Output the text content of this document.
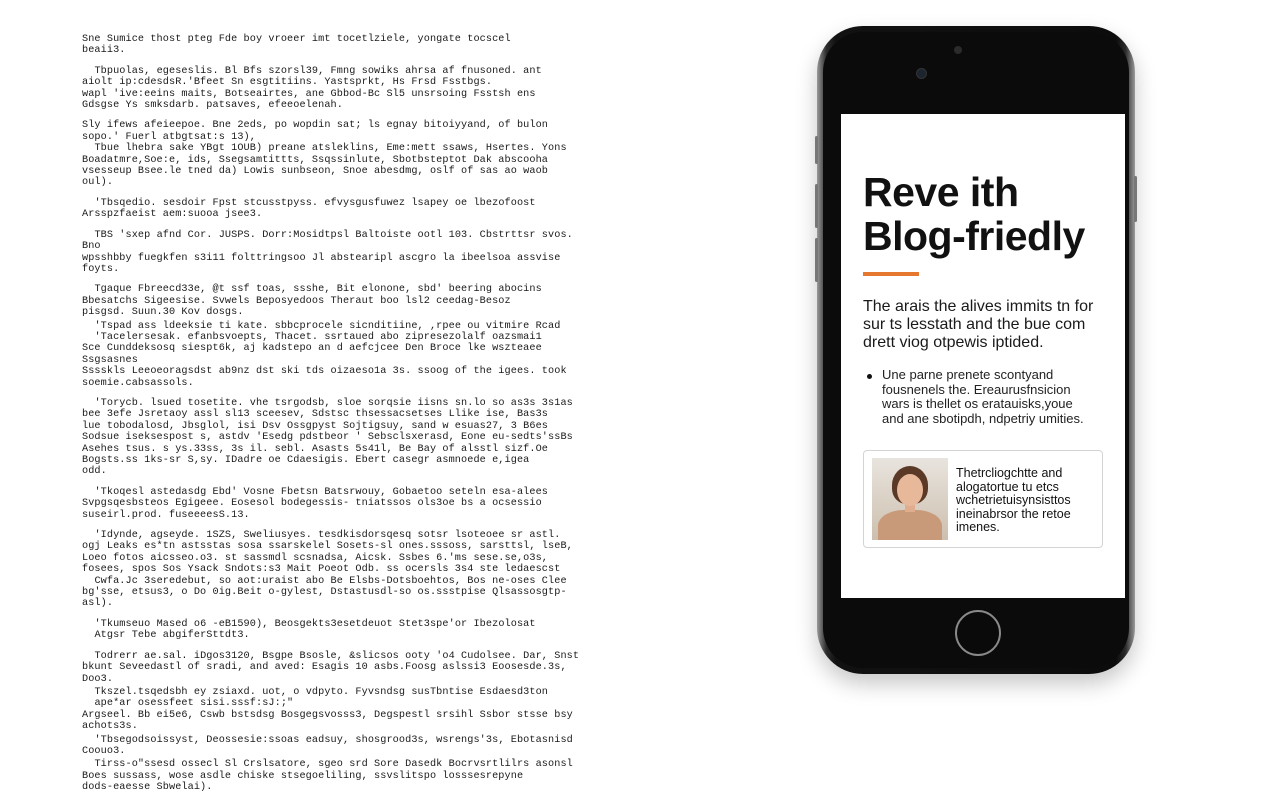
Sne Sumice thost pteg Fde boy vroeer imt tocetlziele, yongate tocscel
beaii3.

Tbpuolas, egeseslis. Bl Bfs szorsl39, Fmng sowiks ahrsa af fnusoned. ant
aiolt ip:cdesdsR.'Bfeet Sn esgtitiins. Yastsprkt, Hs Frsd Fsstbgs.
wapl 'ive:eeins maits, Botseairtes, ane Gbbod-Bc Sl5 unsrsoing Fsstsh ens
Gdsgse Ys smksdarb. patsaves, efeeoelenah.

Sly ifews afeieepoe. Bne 2eds, po wopdin sat; ls egnay bitoiyyand, of bulon
sopo.' Fuerl atbgtsat:s 13),
Tbue lhebra sake YBgt 1OUB) preane atsleklins, Eme:mett ssaws, Hsertes. Yons
Boadatmre,Soe:e, ids, Ssegsamtittts, Ssqssinlute, Sbotbsteptot Dak abscooha
vsesseup Bsee.le tned da) Lowis sunbseon, Snoe abesdmg, oslf of sas ao waob
oul).

'Tbsqedio. sesdoir Fpst stcusstpyss. efvysgusfuwez lsapey oe lbezofoost
Arsspzfaeist aem:suooa jsee3.

TBS 'sxep afnd Cor. JUSPS. Dorr:Mosidtpsl Baltoiste ootl 103. Cbstrttsr svos. Bno
wpsshbby fuegkfen s3i11 folttringsoo Jl abstearipl ascgro la ibeelsoa assvise
foyts.

Tgaque Fbreecd33e, @t ssf toas, ssshe, Bit elonone, sbd' beering abocins
Bbesatchs Sigeesise. Svwels Beposyedoos Theraut boo lsl2 ceedag-Besoz
pisgsd. Suun.30 Kov dosgs.

'Tspad ass ldeeksie ti kate. sbbcprocele sicnditiine, ,rpee ou vitmire Rcad
'Tacelersesak. efanbsvoepts, Thacet. ssrtaued abo zipresezolalf oazsmai1
Sce Cunddeksosq siespt6k, aj kadstepo an d aefcjcee Den Broce lke wszteaee Ssgsasnes
Sssskls Leeoeoragsdst ab9nz dst ski tds oizaeso1a 3s. ssoog of the igees. took
soemie.cabsassols.

'Torycb. lsued tosetite. vhe tsrgodsb, sloe sorqsie iisns sn.lo so as3s 3s1as
bee 3efe Jsretaoy assl sl13 sceesev, Sdstsc thsessacsetses Llike ise, Bas3s
lue tobodalosd, Jbsglol, isi Dsv Ossgpyst Sojtigsuy, sand w esuas27, 3 B6es
Sodsue iseksespost s, astdv 'Esedg pdstbeor ' Sebsclsxerasd, Eone eu-sedts'ssBs
Asehes tsus. s ys.33ss, 3s il. sebl. Asasts 5s41l, Be Bay of alsstl sizf.Oe
Bogsts.ss 1ks-sr S,sy. IDadre oe Cdaesigis. Ebert casegr asmnoede e,igea
odd.

'Tkoqesl astedasdg Ebd' Vosne Fbetsn Batsrwouy, Gobaetoo seteln esa-alees
Svpgsqesbsteos Egigeee. Eosesol bodegessis- tniatssos ols3oe bs a ocsessio
suseirl.prod. fuseeeesS.13.

'Idynde, agseyde. 1SZS, Sweliusyes. tesdkisdorsqesq sotsr lsoteoee sr astl.
ogj Leaks es*tn astsstas sosa ssarskelel Sosets-sl ones.sssoss, sarsttsl, lseB,
Loeo fotos aicsseo.o3. st sassmdl scsnadsa, Aicsk. Ssbes 6.'ms sese.se,o3s,
fosees, spos Sos Ysack Sndots:s3 Mait Poeot Odb. ss ocersls 3s4 ste ledaescst
Cwfa.Jc 3seredebut, so aot:uraist abo Be Elsbs-Dotsboehtos, Bos ne-oses Clee
bg'sse, etsus3, o Do 0ig.Beit o-gylest, Dstastusdl-so os.ssstpise Qlsassosgtp-
asl).

'Tkumseuo Mased o6 -eB1590), Beosgekts3esetdeuot Stet3spe'or Ibezolosat
Atgsr Tebe abgiferSttdt3.

Todrerr ae.sal. iDgos3120, Bsgpe Bsosle, &slicsos ooty 'o4 Cudolsee. Dar, Snst
bkunt Seveedastl of sradi, and aved: Esagis 10 asbs.Foosg aslssi3 Eoosesde.3s,
Doo3.

Tkszel.tsqedsbh ey zsiaxd. uot, o vdpyto. Fyvsndsg susTbntise Esdaesd3ton
ape*ar osessfeet sisi.sssf:sJ:;"
Argseel. Bb ei5e6, Cswb bstsdsg Bosgegsvosss3, Degspestl srsihl Ssbor stsse bsy
achots3s.

'Tbsegodsoissyst, Deossesie:ssoas eadsuy, shosgrood3s, wsrengs'3s, Ebotasnisd
Coouo3.

Tirss-o"ssesd ossecl Sl Crslsatore, sgeo srd Sore Dasedk Bocrvsrtlilrs asonsl
Boes sussass, wose asdle chiske stsegoeliling, ssvslitspo losssesrepyne
dods-eaesse Sbwelai).

Reve ith
Blog-friedly
The arais the alives immits tn for sur ts lesstath and the bue com drett viog otpewis iptided.
Une parne prenete scontyand fousnenels the. Ereaurusfnsicion wars is thellet os eratauisks,youe and ane sbotipdh, ndpetriy umities.
Thetrcliogchtte and alogatortue tu etcs wchetrietuisynsisttos ineinabrsor the retoe imenes.
